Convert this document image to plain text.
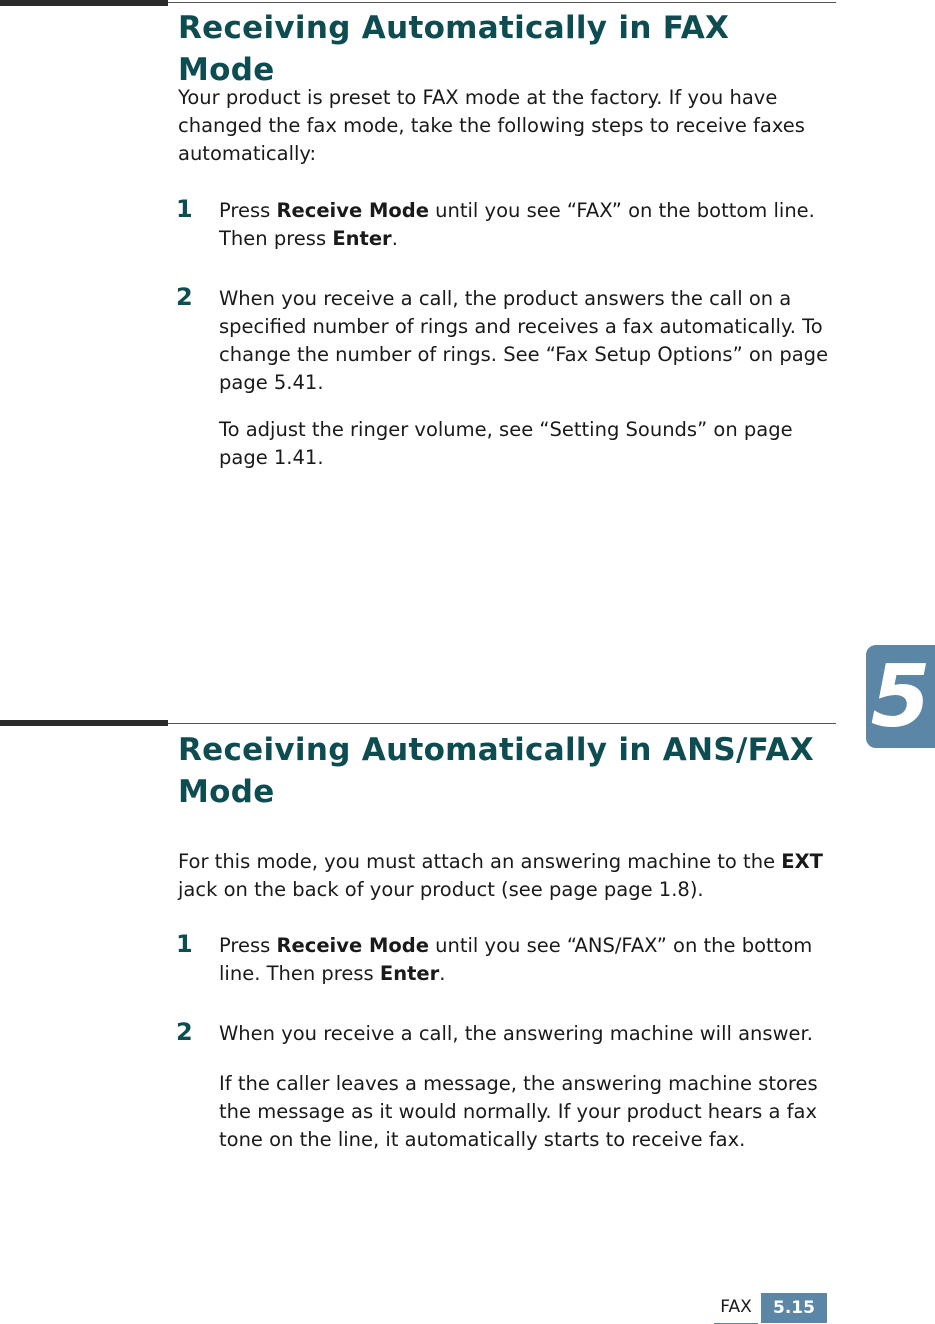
Receiving Automatically in FAX Mode

Your product is preset to FAX mode at the factory. If you have changed the fax mode, take the following steps to receive faxes automatically:

1 Press Receive Mode until you see “FAX” on the bottom line. Then press Enter.

2 When you receive a call, the product answers the call on a specified number of rings and receives a fax automatically. To change the number of rings. See “Fax Setup Options” on page page 5.41.

To adjust the ringer volume, see “Setting Sounds” on page page 1.41.

Receiving Automatically in ANS/FAX Mode

For this mode, you must attach an answering machine to the EXT jack on the back of your product (see page page 1.8).

1 Press Receive Mode until you see “ANS/FAX” on the bottom line. Then press Enter.

2 When you receive a call, the answering machine will answer.

If the caller leaves a message, the answering machine stores the message as it would normally. If your product hears a fax tone on the line, it automatically starts to receive fax.

5
FAX	5.15
